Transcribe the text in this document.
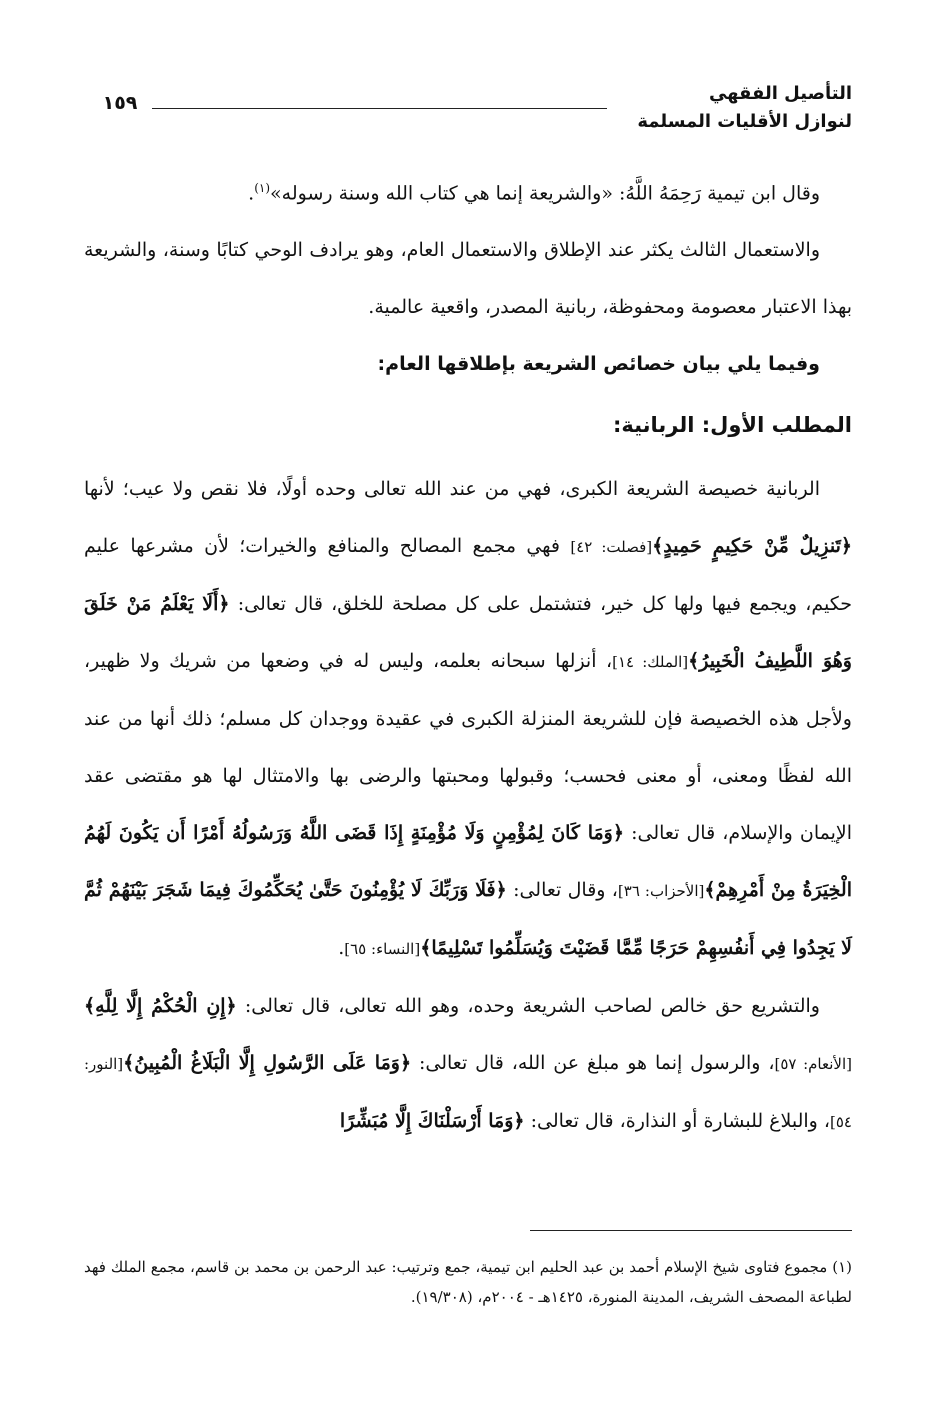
التأصيل الفقهي
لنوازل الأقليات المسلمة
١٥٩

وقال ابن تيمية رَحِمَهُ اللَّهُ: «والشريعة إنما هي كتاب الله وسنة رسوله»$^{(١)}$.

والاستعمال الثالث يكثر عند الإطلاق والاستعمال العام، وهو يرادف الوحي كتابًا وسنة، والشريعة بهذا الاعتبار معصومة ومحفوظة، ربانية المصدر، واقعية عالمية.

وفيما يلي بيان خصائص الشريعة بإطلاقها العام:

المطلب الأول: الربانية:

الربانية خصيصة الشريعة الكبرى، فهي من عند الله تعالى وحده أولًا، فلا نقص ولا عيب؛ لأنها ﴿تَنزِيلٌ مِّنْ حَكِيمٍ حَمِيدٍ﴾[فصلت: ٤٢] فهي مجمع المصالح والمنافع والخيرات؛ لأن مشرعها عليم حكيم، ويجمع فيها ولها كل خير، فتشتمل على كل مصلحة للخلق، قال تعالى: ﴿أَلَا يَعْلَمُ مَنْ خَلَقَ وَهُوَ اللَّطِيفُ الْخَبِيرُ﴾[الملك: ١٤]، أنزلها سبحانه بعلمه، وليس له في وضعها من شريك ولا ظهير، ولأجل هذه الخصيصة فإن للشريعة المنزلة الكبرى في عقيدة ووجدان كل مسلم؛ ذلك أنها من عند الله لفظًا ومعنى، أو معنى فحسب؛ وقبولها ومحبتها والرضى بها والامتثال لها هو مقتضى عقد الإيمان والإسلام، قال تعالى: ﴿وَمَا كَانَ لِمُؤْمِنٍ وَلَا مُؤْمِنَةٍ إِذَا قَضَى اللَّهُ وَرَسُولُهُ أَمْرًا أَن يَكُونَ لَهُمُ الْخِيَرَةُ مِنْ أَمْرِهِمْ﴾[الأحزاب: ٣٦]، وقال تعالى: ﴿فَلَا وَرَبِّكَ لَا يُؤْمِنُونَ حَتَّىٰ يُحَكِّمُوكَ فِيمَا شَجَرَ بَيْنَهُمْ ثُمَّ لَا يَجِدُوا فِي أَنفُسِهِمْ حَرَجًا مِّمَّا قَضَيْتَ وَيُسَلِّمُوا تَسْلِيمًا﴾[النساء: ٦٥].

والتشريع حق خالص لصاحب الشريعة وحده، وهو الله تعالى، قال تعالى: ﴿إِنِ الْحُكْمُ إِلَّا لِلَّهِ﴾[الأنعام: ٥٧]، والرسول إنما هو مبلغ عن الله، قال تعالى: ﴿وَمَا عَلَى الرَّسُولِ إِلَّا الْبَلَاغُ الْمُبِينُ﴾[النور: ٥٤]، والبلاغ للبشارة أو النذارة، قال تعالى: ﴿وَمَا أَرْسَلْنَاكَ إِلَّا مُبَشِّرًا

(١) مجموع فتاوى شيخ الإسلام أحمد بن عبد الحليم ابن تيمية، جمع وترتيب: عبد الرحمن بن محمد بن قاسم، مجمع الملك فهد لطباعة المصحف الشريف، المدينة المنورة، ١٤٢٥هـ - ٢٠٠٤م، (١٩/٣٠٨).
